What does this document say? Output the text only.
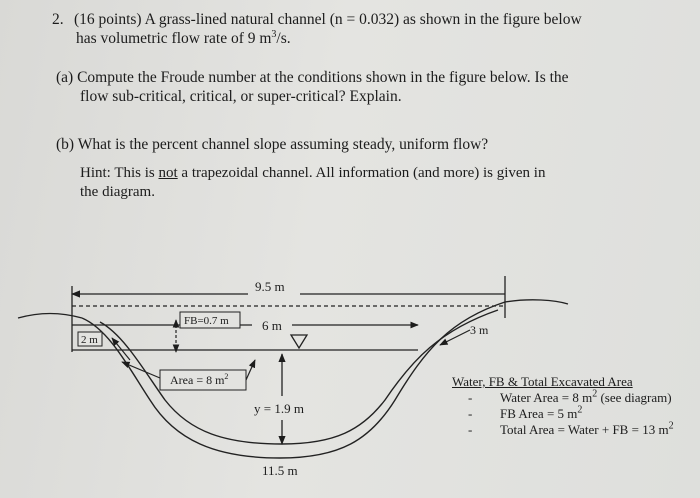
2. (16 points) A grass-lined natural channel (n = 0.032) as shown in the figure below
has volumetric flow rate of 9 $m^3/s$.
(a) Compute the Froude number at the conditions shown in the figure below. Is the
flow sub-critical, critical, or super-critical? Explain.
(b) What is the percent channel slope assuming steady, uniform flow?
Hint: This is not a trapezoidal channel. All information (and more) is given in
the diagram.
9.5 m
6 m
FB=0.7 m
2 m
3 m
Area = 8 $m^2$
y = 1.9 m
11.5 m
Water, FB & Total Excavated Area
- Water Area = 8 $m^2$ (see diagram)
- FB Area = 5 $m^2$
- Total Area = Water + FB = 13 $m^2$
